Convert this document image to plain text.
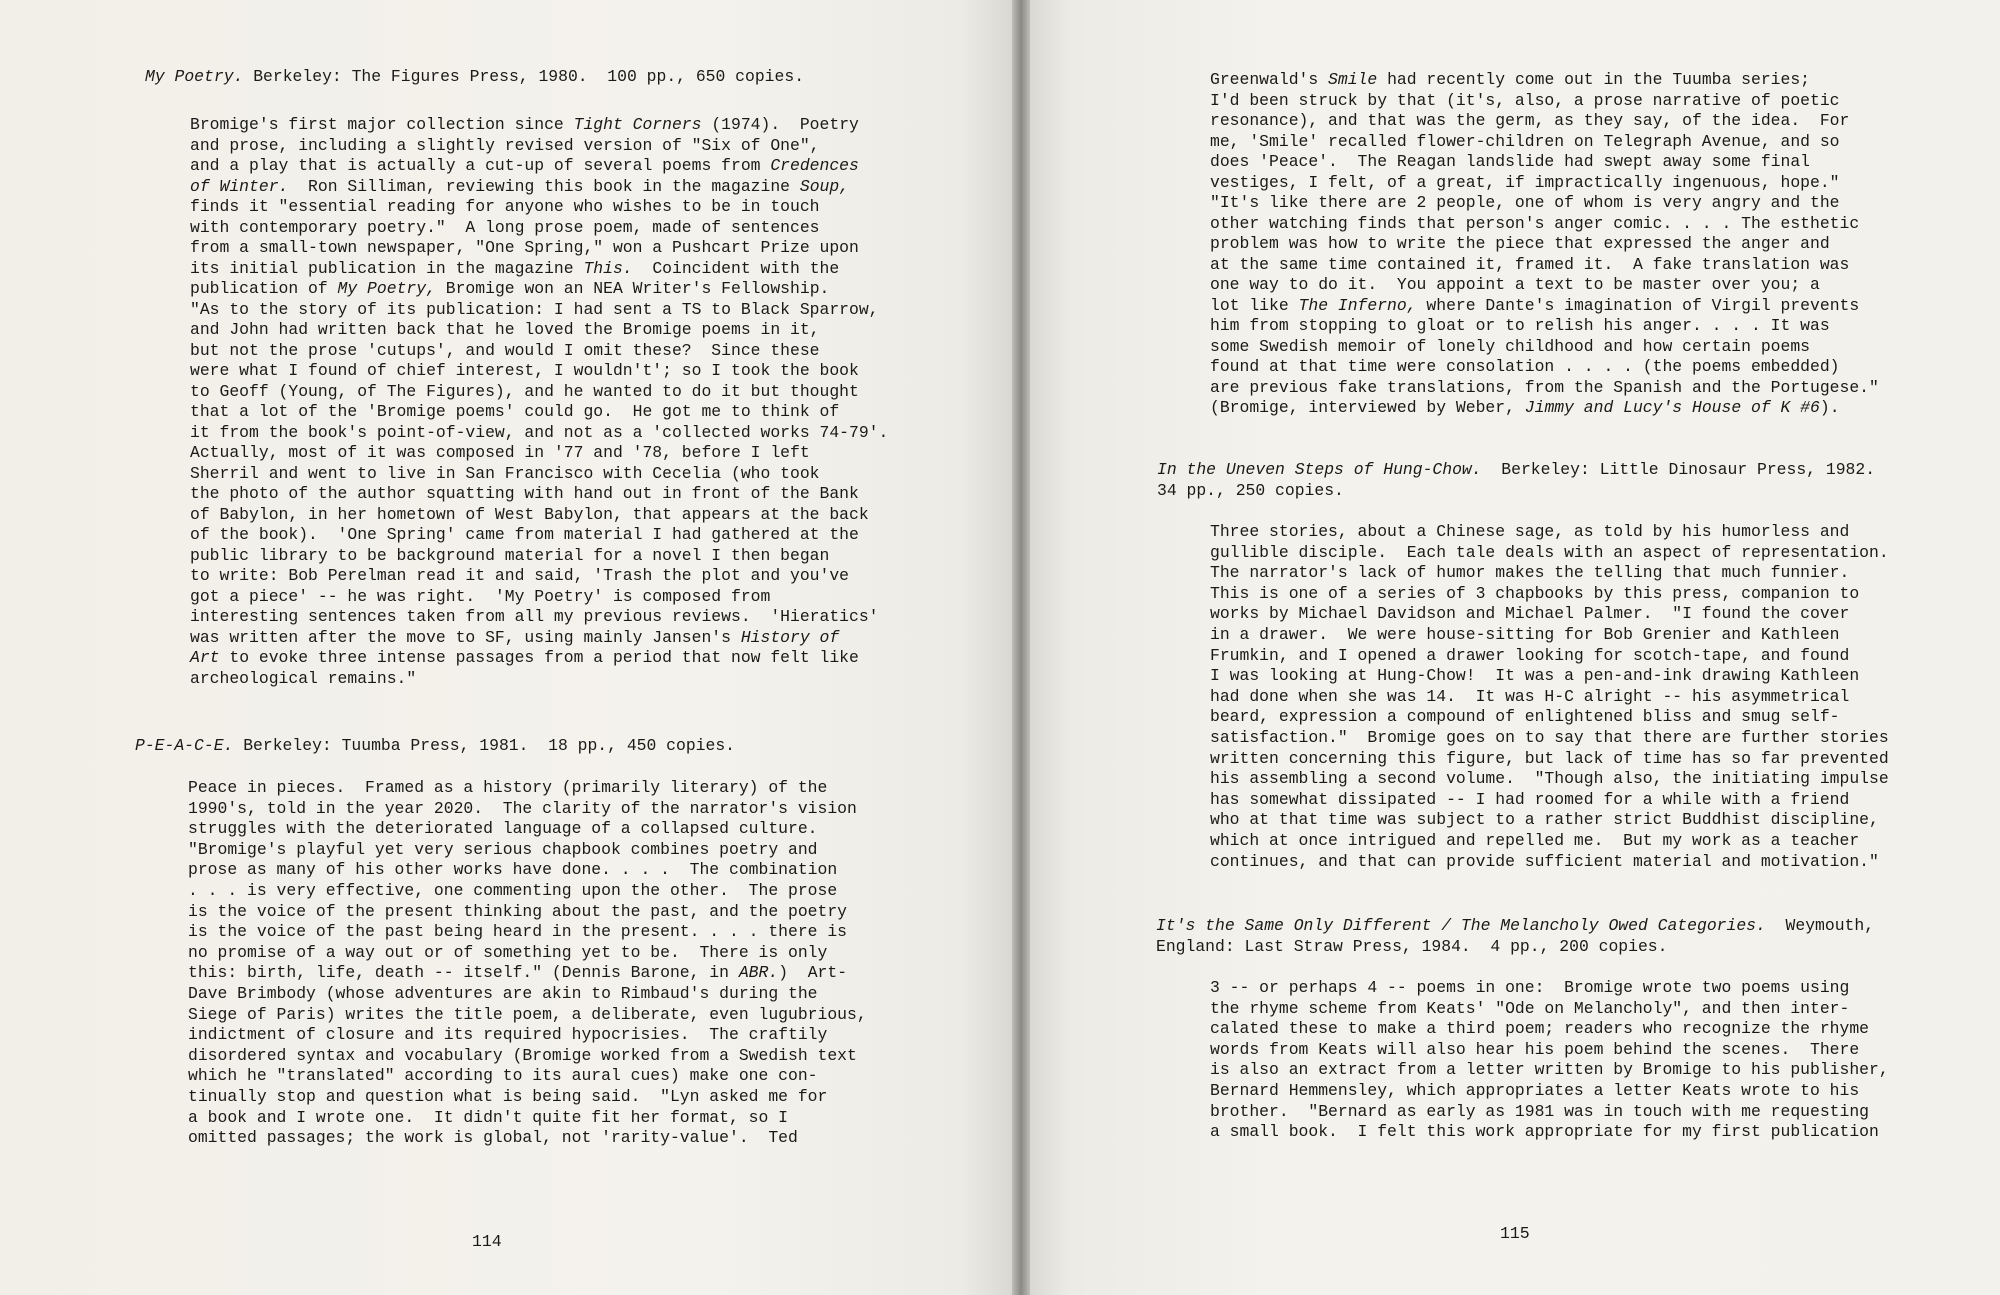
My Poetry. Berkeley: The Figures Press, 1980.  100 pp., 650 copies.
Bromige's first major collection since Tight Corners (1974).  Poetry
and prose, including a slightly revised version of "Six of One",
and a play that is actually a cut-up of several poems from Credences
of Winter.  Ron Silliman, reviewing this book in the magazine Soup,
finds it "essential reading for anyone who wishes to be in touch
with contemporary poetry."  A long prose poem, made of sentences
from a small-town newspaper, "One Spring," won a Pushcart Prize upon
its initial publication in the magazine This.  Coincident with the
publication of My Poetry, Bromige won an NEA Writer's Fellowship.
"As to the story of its publication: I had sent a TS to Black Sparrow,
and John had written back that he loved the Bromige poems in it,
but not the prose 'cutups', and would I omit these?  Since these
were what I found of chief interest, I wouldn't'; so I took the book
to Geoff (Young, of The Figures), and he wanted to do it but thought
that a lot of the 'Bromige poems' could go.  He got me to think of
it from the book's point-of-view, and not as a 'collected works 74-79'.
Actually, most of it was composed in '77 and '78, before I left
Sherril and went to live in San Francisco with Cecelia (who took
the photo of the author squatting with hand out in front of the Bank
of Babylon, in her hometown of West Babylon, that appears at the back
of the book).  'One Spring' came from material I had gathered at the
public library to be background material for a novel I then began
to write: Bob Perelman read it and said, 'Trash the plot and you've
got a piece' -- he was right.  'My Poetry' is composed from
interesting sentences taken from all my previous reviews.  'Hieratics'
was written after the move to SF, using mainly Jansen's History of
Art to evoke three intense passages from a period that now felt like
archeological remains."
P-E-A-C-E. Berkeley: Tuumba Press, 1981.  18 pp., 450 copies.
Peace in pieces.  Framed as a history (primarily literary) of the
1990's, told in the year 2020.  The clarity of the narrator's vision
struggles with the deteriorated language of a collapsed culture.
"Bromige's playful yet very serious chapbook combines poetry and
prose as many of his other works have done. . . .  The combination
. . . is very effective, one commenting upon the other.  The prose
is the voice of the present thinking about the past, and the poetry
is the voice of the past being heard in the present. . . . there is
no promise of a way out or of something yet to be.  There is only
this: birth, life, death -- itself." (Dennis Barone, in ABR.)  Art-
Dave Brimbody (whose adventures are akin to Rimbaud's during the
Siege of Paris) writes the title poem, a deliberate, even lugubrious,
indictment of closure and its required hypocrisies.  The craftily
disordered syntax and vocabulary (Bromige worked from a Swedish text
which he "translated" according to its aural cues) make one con-
tinually stop and question what is being said.  "Lyn asked me for
a book and I wrote one.  It didn't quite fit her format, so I
omitted passages; the work is global, not 'rarity-value'.  Ted
114
Greenwald's Smile had recently come out in the Tuumba series;
I'd been struck by that (it's, also, a prose narrative of poetic
resonance), and that was the germ, as they say, of the idea.  For
me, 'Smile' recalled flower-children on Telegraph Avenue, and so
does 'Peace'.  The Reagan landslide had swept away some final
vestiges, I felt, of a great, if impractically ingenuous, hope."
"It's like there are 2 people, one of whom is very angry and the
other watching finds that person's anger comic. . . . The esthetic
problem was how to write the piece that expressed the anger and
at the same time contained it, framed it.  A fake translation was
one way to do it.  You appoint a text to be master over you; a
lot like The Inferno, where Dante's imagination of Virgil prevents
him from stopping to gloat or to relish his anger. . . . It was
some Swedish memoir of lonely childhood and how certain poems
found at that time were consolation . . . . (the poems embedded)
are previous fake translations, from the Spanish and the Portugese."
(Bromige, interviewed by Weber, Jimmy and Lucy's House of K #6).
In the Uneven Steps of Hung-Chow.  Berkeley: Little Dinosaur Press, 1982.
34 pp., 250 copies.
Three stories, about a Chinese sage, as told by his humorless and
gullible disciple.  Each tale deals with an aspect of representation.
The narrator's lack of humor makes the telling that much funnier.
This is one of a series of 3 chapbooks by this press, companion to
works by Michael Davidson and Michael Palmer.  "I found the cover
in a drawer.  We were house-sitting for Bob Grenier and Kathleen
Frumkin, and I opened a drawer looking for scotch-tape, and found
I was looking at Hung-Chow!  It was a pen-and-ink drawing Kathleen
had done when she was 14.  It was H-C alright -- his asymmetrical
beard, expression a compound of enlightened bliss and smug self-
satisfaction."  Bromige goes on to say that there are further stories
written concerning this figure, but lack of time has so far prevented
his assembling a second volume.  "Though also, the initiating impulse
has somewhat dissipated -- I had roomed for a while with a friend
who at that time was subject to a rather strict Buddhist discipline,
which at once intrigued and repelled me.  But my work as a teacher
continues, and that can provide sufficient material and motivation."
It's the Same Only Different / The Melancholy Owed Categories.  Weymouth,
England: Last Straw Press, 1984.  4 pp., 200 copies.
3 -- or perhaps 4 -- poems in one:  Bromige wrote two poems using
the rhyme scheme from Keats' "Ode on Melancholy", and then inter-
calated these to make a third poem; readers who recognize the rhyme
words from Keats will also hear his poem behind the scenes.  There
is also an extract from a letter written by Bromige to his publisher,
Bernard Hemmensley, which appropriates a letter Keats wrote to his
brother.  "Bernard as early as 1981 was in touch with me requesting
a small book.  I felt this work appropriate for my first publication
115
